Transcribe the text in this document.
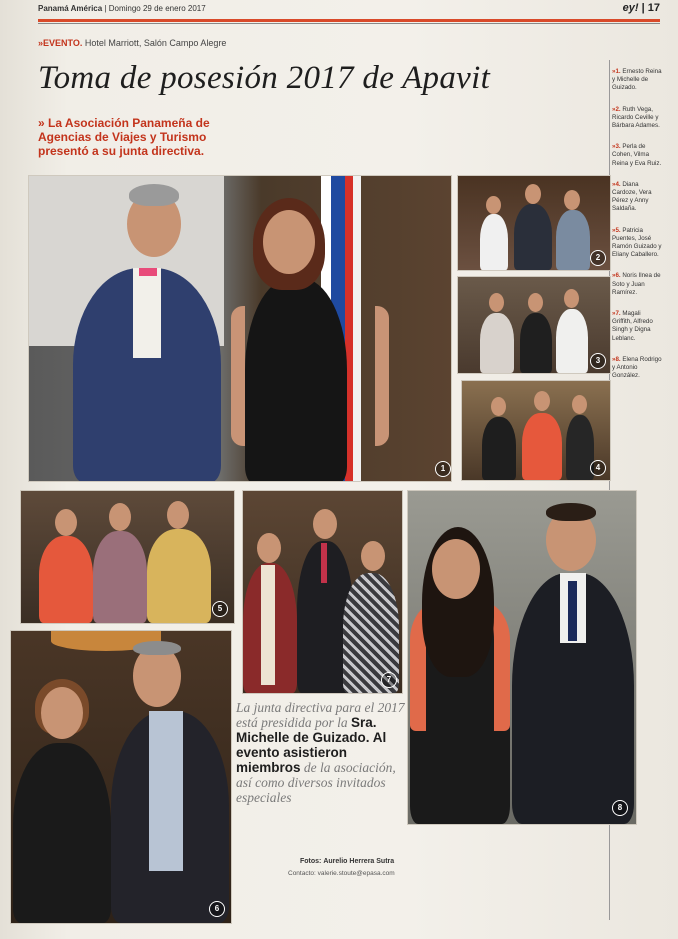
Panamá América | Domingo 29 de enero 2017	ey! | 17
»EVENTO. Hotel Marriott, Salón Campo Alegre
Toma de posesión 2017 de Apavit
» La Asociación Panameña de Agencias de Viajes y Turismo presentó a su junta directiva.
»1. Ernesto Reina y Michelle de Guizado.
»2. Ruth Vega, Ricardo Ceville y Bárbara Adames.
»3. Perla de Cohen, Vilma Reina y Eva Ruiz.
»4. Diana Cardoze, Vera Pérez y Anny Saldaña.
»5. Patricia Puentes, José Ramón Guizado y Eliany Caballero.
»6. Noris Ilnea de Soto y Juan Ramírez.
»7. Magali Griffith, Alfredo Singh y Digna Leblanc.
»8. Elena Rodrigo y Antonio González.
1
2
3
4
5
6
7
8
La junta directiva para el 2017 está presidida por la Sra. Michelle de Guizado. Al evento asistieron miembros de la asociación, así como diversos invitados especiales
Fotos: Aurelio Herrera Sutra
Contacto: valerie.stoute@epasa.com
